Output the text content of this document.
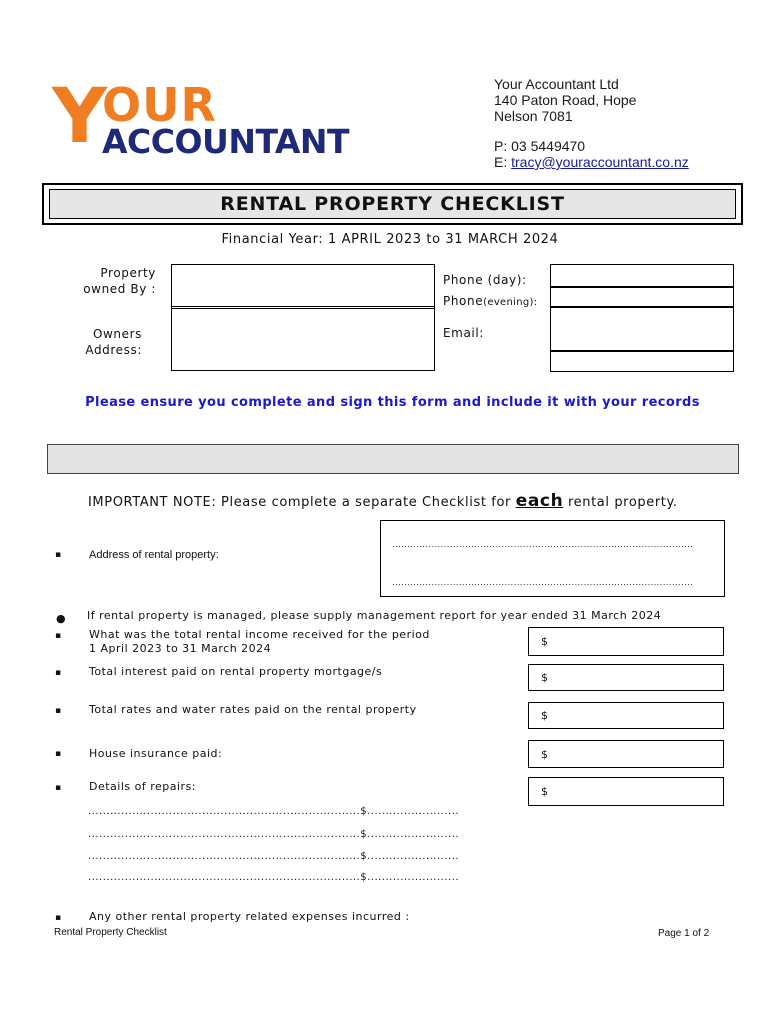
Y
OUR
ACCOUNTANT
Your Accountant Ltd
140 Paton Road, Hope
Nelson 7081
P: 03 5449470
E: tracy@youraccountant.co.nz
RENTAL PROPERTY CHECKLIST
Financial Year: 1 APRIL 2023 to 31 MARCH 2024
Property
owned By :
Owners
Address:
Phone (day):
Phone(evening):
Email:
Please ensure you complete and sign this form and include it with your records
IMPORTANT NOTE: Please complete a separate Checklist for each rental property.
▪	Address of rental property:
...................................................................................................
...................................................................................................
● If rental property is managed, please supply management report for year ended 31 March 2024
▪	What was the total rental income received for the period
1 April 2023 to 31 March 2024
$
▪	Total interest paid on rental property mortgage/s	$
▪	Total rates and water rates paid on the rental property	$
▪	House insurance paid:	$
▪	Details of repairs:	$
..........................................................................$.........................
..........................................................................$.........................
..........................................................................$.........................
..........................................................................$.........................
▪	Any other rental property related expenses incurred :
Rental Property Checklist	Page 1 of 2
